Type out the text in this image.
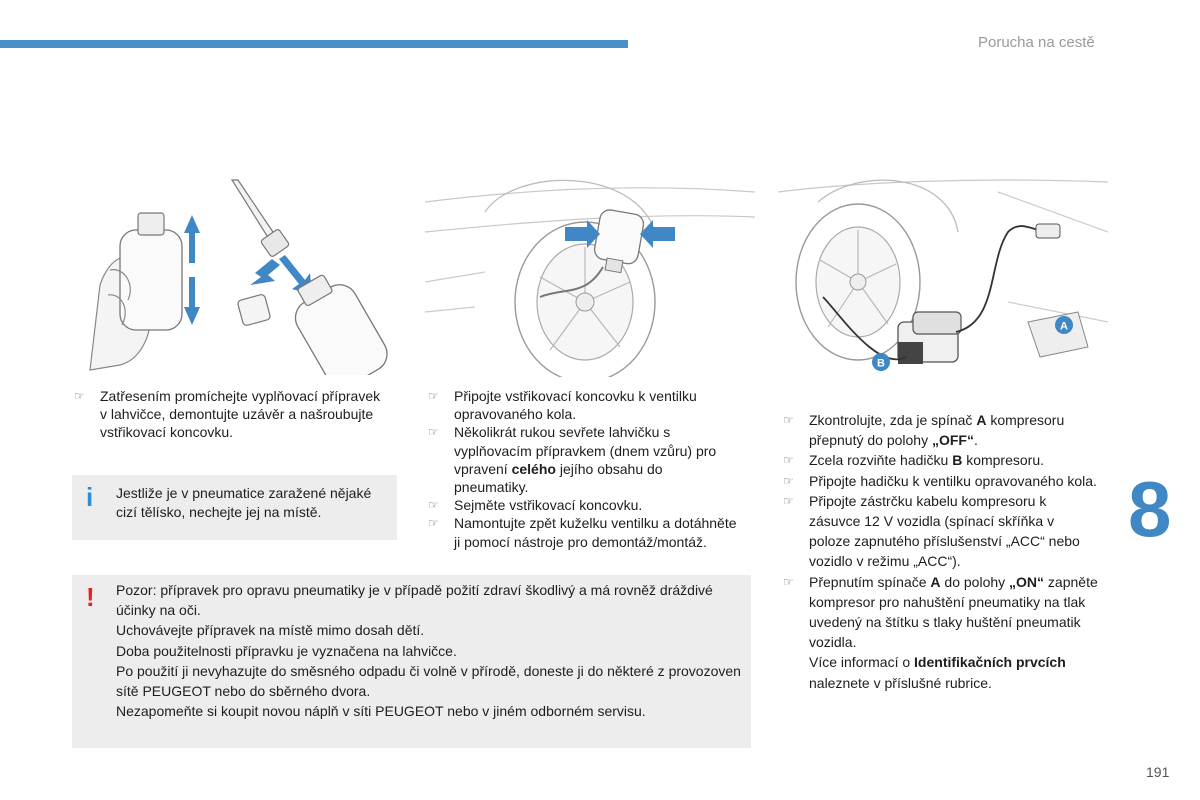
Porucha na cestě
8
A
B
☞ Zatřesením promíchejte vyplňovací přípravek v lahvičce, demontujte uzávěr a našroubujte vstřikovací koncovku.
i Jestliže je v pneumatice zaražené nějaké cizí tělísko, nechejte jej na místě.
☞ Připojte vstřikovací koncovku k ventilku opravovaného kola.
☞ Několikrát rukou sevřete lahvičku s vyplňovacím přípravkem (dnem vzůru) pro vpravení celého jejího obsahu do pneumatiky.
☞ Sejměte vstřikovací koncovku.
☞ Namontujte zpět kuželku ventilku a dotáhněte ji pomocí nástroje pro demontáž/montáž.
☞ Zkontrolujte, zda je spínač A kompresoru přepnutý do polohy „OFF“.
☞ Zcela rozviňte hadičku B kompresoru.
☞ Připojte hadičku k ventilku opravovaného kola.
☞ Připojte zástrčku kabelu kompresoru k zásuvce 12 V vozidla (spínací skříňka v poloze zapnutého příslušenství „ACC“ nebo vozidlo v režimu „ACC“).
☞ Přepnutím spínače A do polohy „ON“ zapněte kompresor pro nahuštění pneumatiky na tlak uvedený na štítku s tlaky huštění pneumatik vozidla.
Více informací o Identifikačních prvcích naleznete v příslušné rubrice.
! Pozor: přípravek pro opravu pneumatiky je v případě požití zdraví škodlivý a má rovněž dráždivé účinky na oči.
Uchovávejte přípravek na místě mimo dosah dětí.
Doba použitelnosti přípravku je vyznačena na lahvičce.
Po použití ji nevyhazujte do směsného odpadu či volně v přírodě, doneste ji do některé z provozoven sítě PEUGEOT nebo do sběrného dvora.
Nezapomeňte si koupit novou náplň v síti PEUGEOT nebo v jiném odborném servisu.
191
